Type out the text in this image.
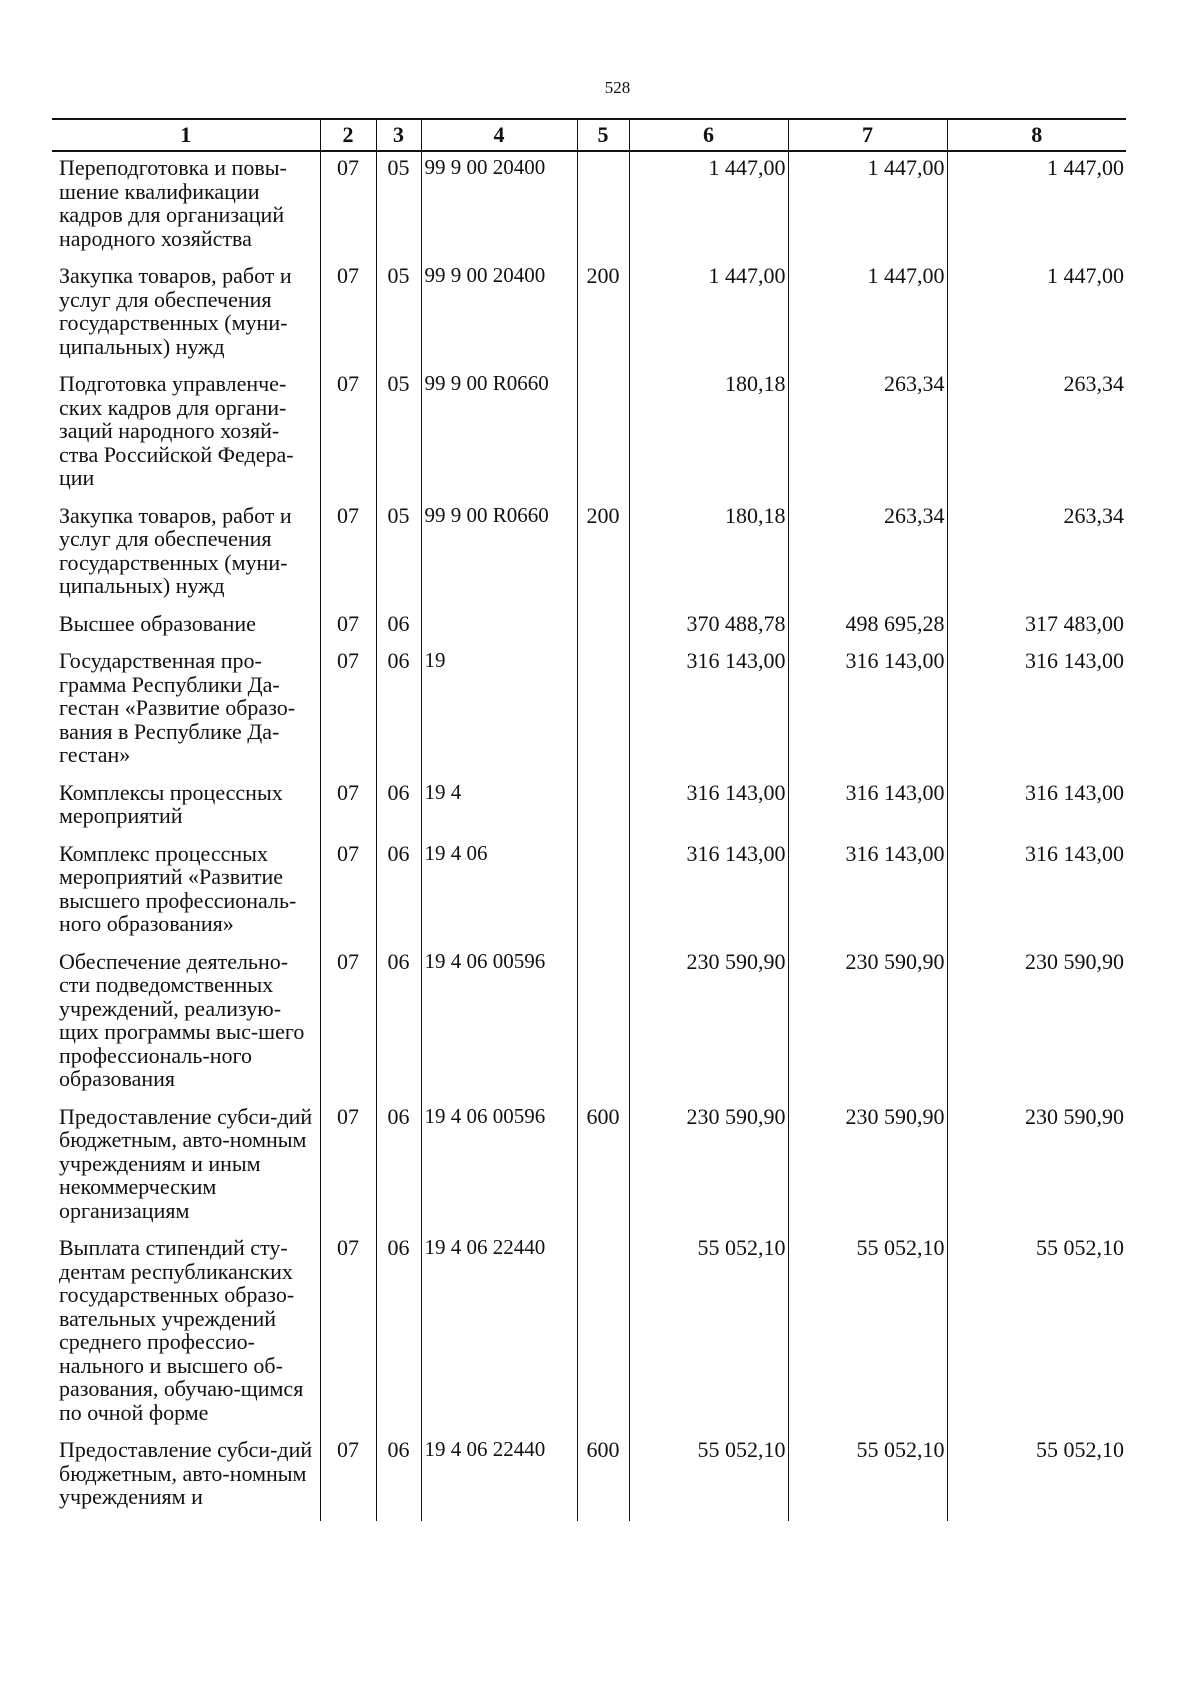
528
1	2	3	4	5	6	7	8
Переподготовка и повы-шение квалификации кадров для организаций народного хозяйства	07	05	99 9 00 20400		1 447,00	1 447,00	1 447,00
Закупка товаров, работ и услуг для обеспечения государственных (муни-ципальных) нужд	07	05	99 9 00 20400	200	1 447,00	1 447,00	1 447,00
Подготовка управленче-ских кадров для органи-заций народного хозяй-ства Российской Федера-ции	07	05	99 9 00 R0660		180,18	263,34	263,34
Закупка товаров, работ и услуг для обеспечения государственных (муни-ципальных) нужд	07	05	99 9 00 R0660	200	180,18	263,34	263,34
Высшее образование	07	06			370 488,78	498 695,28	317 483,00
Государственная про-грамма Республики Да-гестан «Развитие образо-вания в Республике Да-гестан»	07	06	19		316 143,00	316 143,00	316 143,00
Комплексы процессных мероприятий	07	06	19 4		316 143,00	316 143,00	316 143,00
Комплекс процессных мероприятий «Развитие высшего профессиональ-ного образования»	07	06	19 4 06		316 143,00	316 143,00	316 143,00
Обеспечение деятельно-сти подведомственных учреждений, реализую-щих программы выс-шего профессиональ-ного образования	07	06	19 4 06 00596		230 590,90	230 590,90	230 590,90
Предоставление субси-дий бюджетным, авто-номным учреждениям и иным некоммерческим организациям	07	06	19 4 06 00596	600	230 590,90	230 590,90	230 590,90
Выплата стипендий сту-дентам республиканских государственных образо-вательных учреждений среднего профессио-нального и высшего об-разования, обучаю-щимся по очной форме	07	06	19 4 06 22440		55 052,10	55 052,10	55 052,10
Предоставление субси-дий бюджетным, авто-номным учреждениям и	07	06	19 4 06 22440	600	55 052,10	55 052,10	55 052,10
